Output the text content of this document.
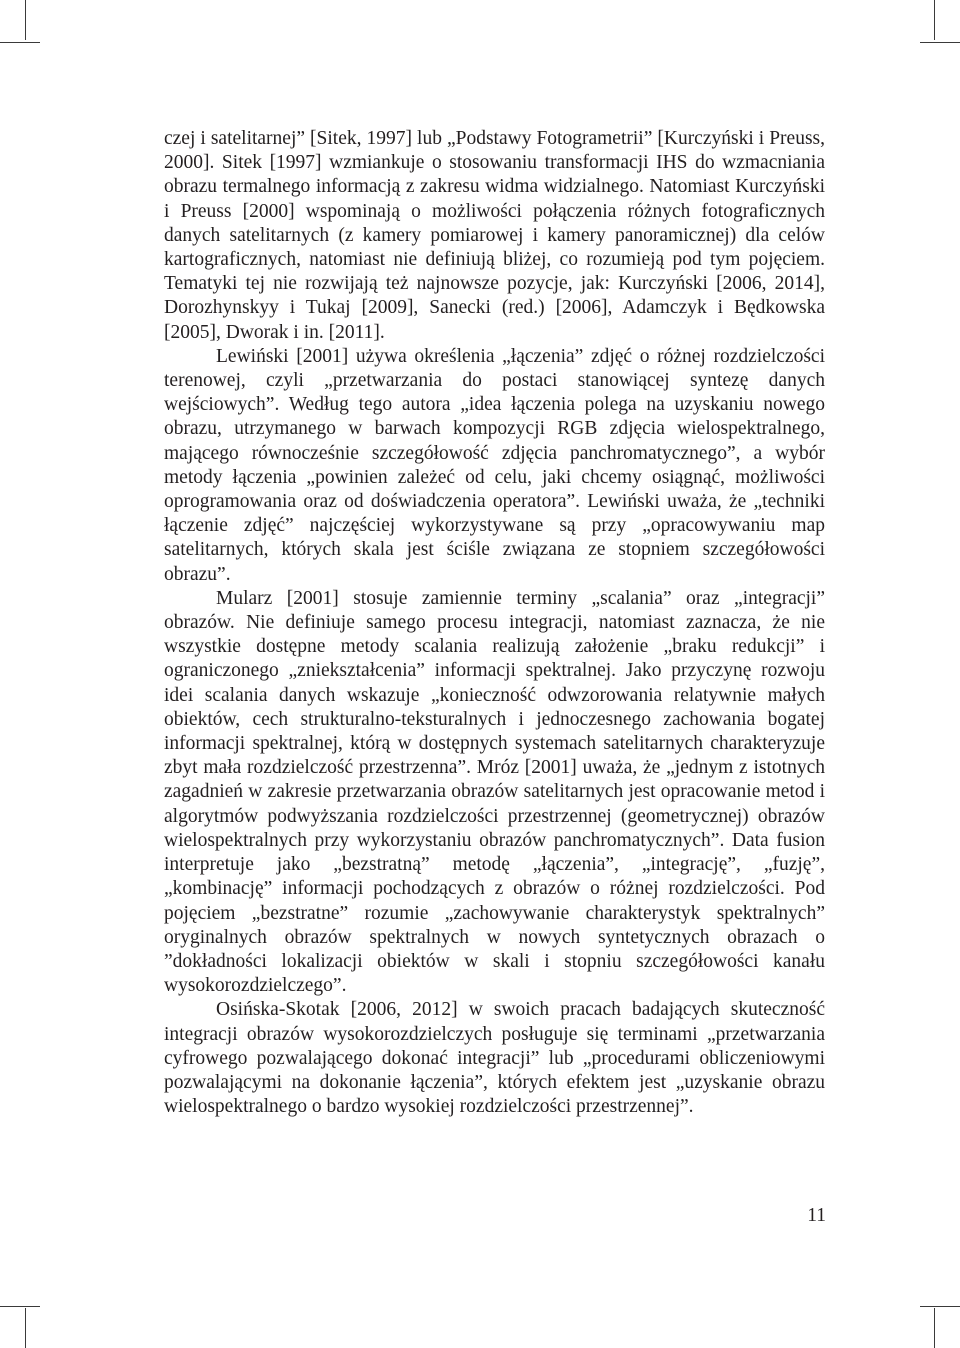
czej i satelitarnej” [Sitek, 1997] lub „Podstawy Fotogrametrii” [Kurczyński i Preuss, 2000]. Sitek [1997] wzmiankuje o stosowaniu transformacji IHS do wzmacniania obrazu termalnego informacją z zakresu widma widzialnego. Natomiast Kurczyński i Preuss [2000] wspominają o możliwości połączenia różnych fotograficznych danych satelitarnych (z kamery pomiarowej i kamery panoramicznej) dla celów kartograficznych, natomiast nie definiują bliżej, co rozumieją pod tym pojęciem. Tematyki tej nie rozwijają też najnowsze pozycje, jak: Kurczyński [2006, 2014], Dorozhynskyy i Tukaj [2009], Sanecki (red.) [2006], Adamczyk i Będkowska [2005], Dworak i in. [2011].

Lewiński [2001] używa określenia „łączenia” zdjęć o różnej rozdzielczości terenowej, czyli „przetwarzania do postaci stanowiącej syntezę danych wejściowych”. Według tego autora „idea łączenia polega na uzyskaniu nowego obrazu, utrzymanego w barwach kompozycji RGB zdjęcia wielospektralnego, mającego równocześnie szczegółowość zdjęcia panchromatycznego”, a wybór metody łączenia „powinien zależeć od celu, jaki chcemy osiągnąć, możliwości oprogramowania oraz od doświadczenia operatora”. Lewiński uważa, że „techniki łączenie zdjęć” najczęściej wykorzystywane są przy „opracowywaniu map satelitarnych, których skala jest ściśle związana ze stopniem szczegółowości obrazu”.

Mularz [2001] stosuje zamiennie terminy „scalania” oraz „integracji” obrazów. Nie definiuje samego procesu integracji, natomiast zaznacza, że nie wszystkie dostępne metody scalania realizują założenie „braku redukcji” i ograniczonego „zniekształcenia” informacji spektralnej. Jako przyczynę rozwoju idei scalania danych wskazuje „konieczność odwzorowania relatywnie małych obiektów, cech strukturalno-teksturalnych i jednoczesnego zachowania bogatej informacji spektralnej, którą w dostępnych systemach satelitarnych charakteryzuje zbyt mała rozdzielczość przestrzenna”. Mróz [2001] uważa, że „jednym z istotnych zagadnień w zakresie przetwarzania obrazów satelitarnych jest opracowanie metod i algorytmów podwyższania rozdzielczości przestrzennej (geometrycznej) obrazów wielospektralnych przy wykorzystaniu obrazów panchromatycznych”. Data fusion interpretuje jako „bezstratną” metodę „łączenia”, „integrację”, „fuzję”, „kombinację” informacji pochodzących z obrazów o różnej rozdzielczości. Pod pojęciem „bezstratne” rozumie „zachowywanie charakterystyk spektralnych” oryginalnych obrazów spektralnych w nowych syntetycznych obrazach o ”dokładności lokalizacji obiektów w skali i stopniu szczegółowości kanału wysokorozdzielczego”.

Osińska-Skotak [2006, 2012] w swoich pracach badających skuteczność integracji obrazów wysokorozdzielczych posługuje się terminami „przetwarzania cyfrowego pozwalającego dokonać integracji” lub „procedurami obliczeniowymi pozwalającymi na dokonanie łączenia”, których efektem jest „uzyskanie obrazu wielospektralnego o bardzo wysokiej rozdzielczości przestrzennej”.

11
